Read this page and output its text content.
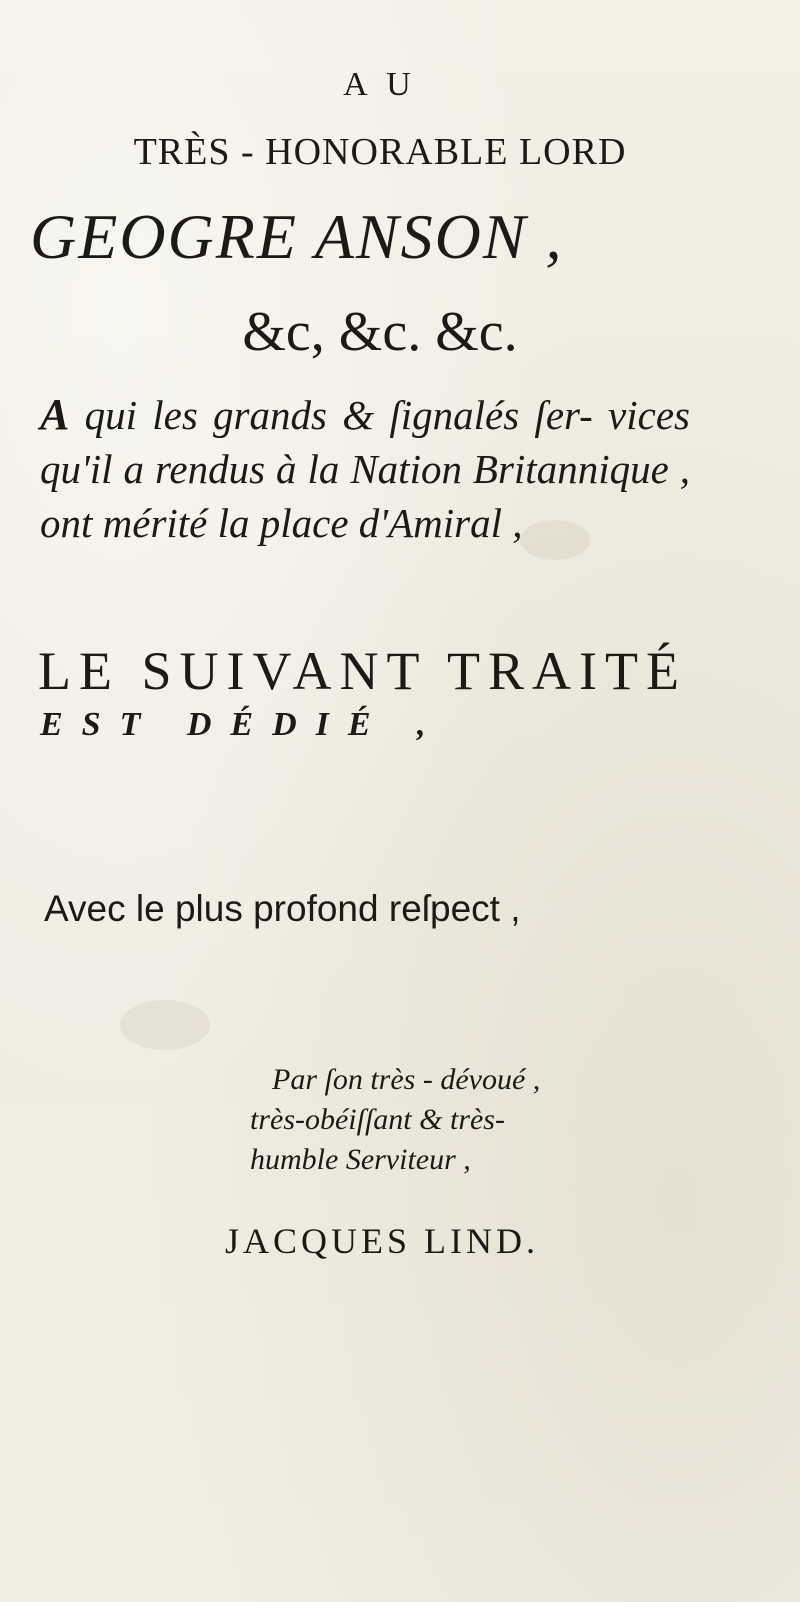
A U
TRÈS - HONORABLE LORD
GEOGRE ANSON ,
&c, &c. &c.
A qui les grands & ſignalés ſer- vices qu'il a rendus à la Nation Britannique , ont mérité la place d'Amiral ,
LE SUIVANT TRAITÉ
EST DÉDIÉ ,
Avec le plus profond reſpect ,
Par ſon très - dévoué ,
très-obéiſſant & très-
humble Serviteur ,
JACQUES LIND.
